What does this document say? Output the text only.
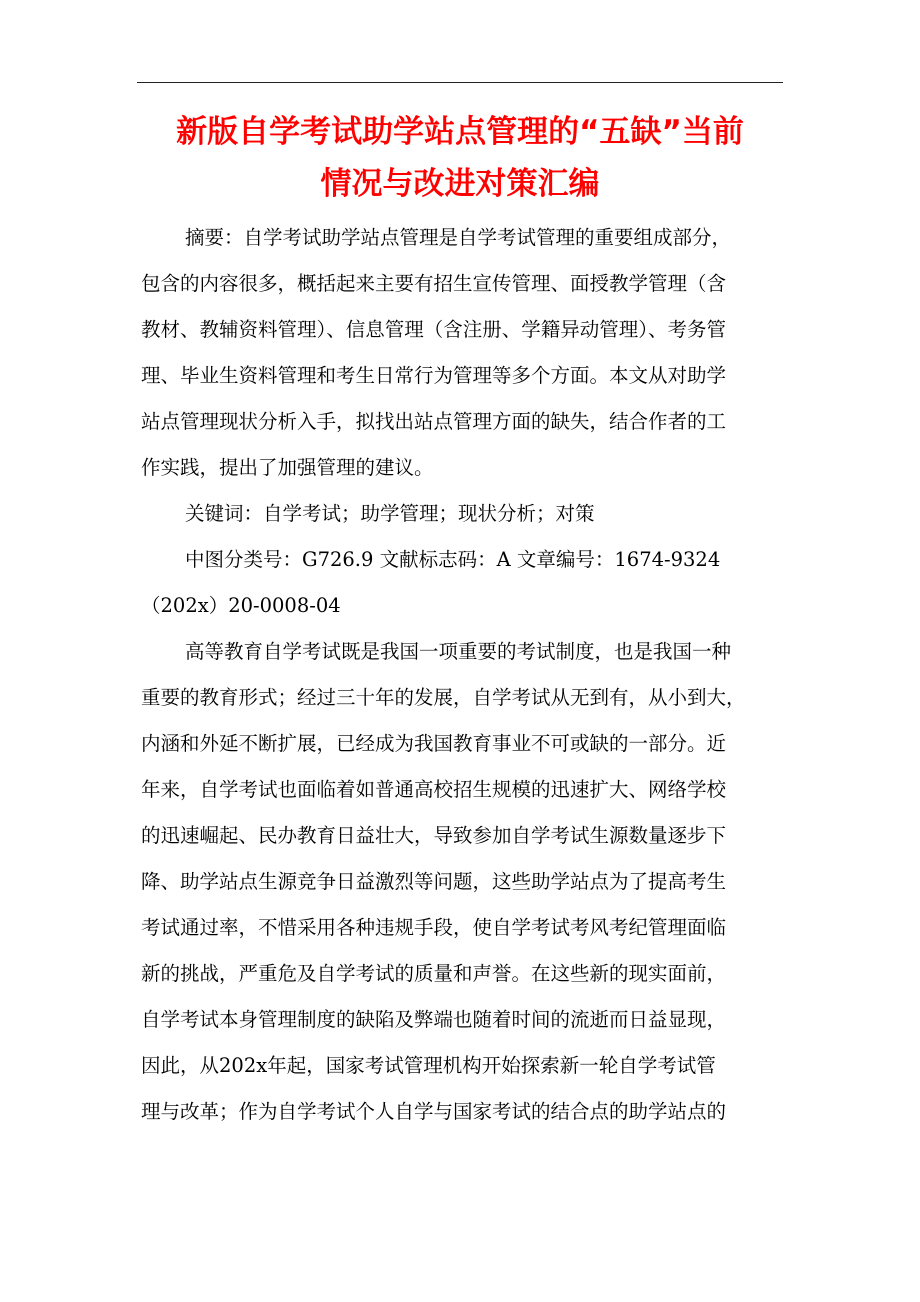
新版自学考试助学站点管理的“五缺”当前
情况与改进对策汇编
摘要：自学考试助学站点管理是自学考试管理的重要组成部分，
包含的内容很多，概括起来主要有招生宣传管理、面授教学管理（含
教材、教辅资料管理）、信息管理（含注册、学籍异动管理）、考务管
理、毕业生资料管理和考生日常行为管理等多个方面。本文从对助学
站点管理现状分析入手，拟找出站点管理方面的缺失，结合作者的工
作实践，提出了加强管理的建议。
关键词：自学考试；助学管理；现状分析；对策
中图分类号：G726.9 文献标志码：A 文章编号：1674-9324
（202x）20-0008-04
高等教育自学考试既是我国一项重要的考试制度，也是我国一种
重要的教育形式；经过三十年的发展，自学考试从无到有，从小到大，
内涵和外延不断扩展，已经成为我国教育事业不可或缺的一部分。近
年来，自学考试也面临着如普通高校招生规模的迅速扩大、网络学校
的迅速崛起、民办教育日益壮大，导致参加自学考试生源数量逐步下
降、助学站点生源竞争日益激烈等问题，这些助学站点为了提高考生
考试通过率，不惜采用各种违规手段，使自学考试考风考纪管理面临
新的挑战，严重危及自学考试的质量和声誉。在这些新的现实面前，
自学考试本身管理制度的缺陷及弊端也随着时间的流逝而日益显现，
因此，从202x年起，国家考试管理机构开始探索新一轮自学考试管
理与改革；作为自学考试个人自学与国家考试的结合点的助学站点的
